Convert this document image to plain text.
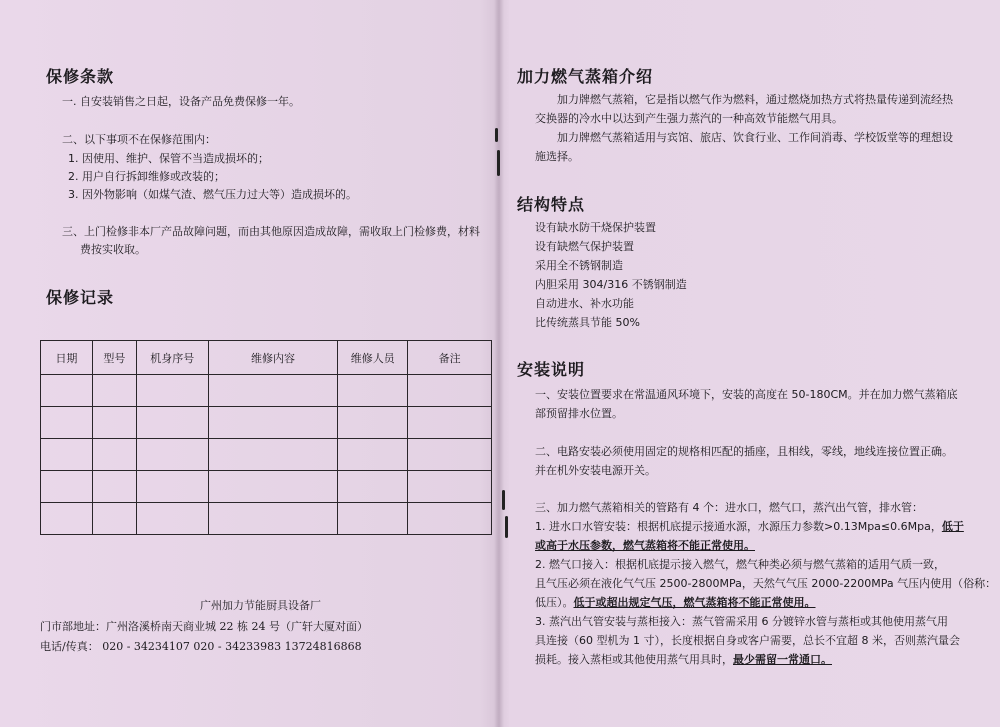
保修条款
一. 自安装销售之日起，设备产品免费保修一年。
二、以下事项不在保修范围内：
1. 因使用、维护、保管不当造成损坏的；
2. 用户自行拆卸维修或改装的；
3. 因外物影响（如煤气渣、燃气压力过大等）造成损坏的。
三、上门检修非本厂产品故障问题，而由其他原因造成故障，需收取上门检修费，材料
费按实收取。
保修记录
日期	型号	机身序号	维修内容	维修人员	备注

广州加力节能厨具设备厂
门市部地址：广州洛溪桥南天商业城 22 栋 24 号（广轩大厦对面）
电话/传真： 020 - 34234107 020 - 34233983 13724816868
加力燃气蒸箱介绍
加力牌燃气蒸箱，它是指以燃气作为燃料，通过燃烧加热方式将热量传递到流经热
交换器的冷水中以达到产生强力蒸汽的一种高效节能燃气用具。
加力牌燃气蒸箱适用与宾馆、旅店、饮食行业、工作间消毒、学校饭堂等的理想设
施选择。
结构特点
设有缺水防干烧保护装置
设有缺燃气保护装置
采用全不锈钢制造
内胆采用 304/316 不锈钢制造
自动进水、补水功能
比传统蒸具节能 50%
安装说明
一、安装位置要求在常温通风环境下，安装的高度在 50-180CM。并在加力燃气蒸箱底
部预留排水位置。
二、电路安装必须使用固定的规格相匹配的插座，且相线，零线，地线连接位置正确。
并在机外安装电源开关。
三、加力燃气蒸箱相关的管路有 4 个：进水口，燃气口，蒸汽出气管，排水管：
1. 进水口水管安装：根据机底提示接通水源，水源压力参数>0.13Mpa≤0.6Mpa，低于
或高于水压参数，燃气蒸箱将不能正常使用。
2. 燃气口接入：根据机底提示接入燃气，燃气种类必须与燃气蒸箱的适用气质一致，
且气压必须在液化气气压 2500-2800MPa，天然气气压 2000-2200MPa 气压内使用（俗称：
低压）。低于或超出规定气压，燃气蒸箱将不能正常使用。
3. 蒸汽出气管安装与蒸柜接入：蒸气管需采用 6 分镀锌水管与蒸柜或其他使用蒸气用
具连接（60 型机为 1 寸），长度根据自身或客户需要，总长不宜超 8 米，否则蒸汽量会
损耗。接入蒸柜或其他使用蒸气用具时，最少需留一常通口。
